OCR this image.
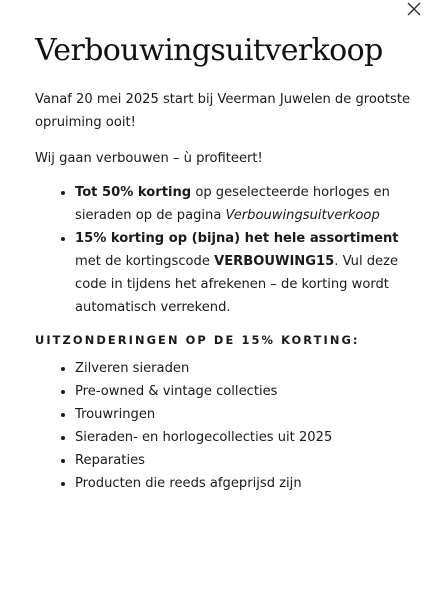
Verbouwingsuitverkoop

Vanaf 20 mei 2025 start bij Veerman Juwelen de grootste opruiming ooit!

Wij gaan verbouwen – ù profiteert!

• Tot 50% korting op geselecteerde horloges en sieraden op de pagina Verbouwingsuitverkoop
• 15% korting op (bijna) het hele assortiment met de kortingscode VERBOUWING15. Vul deze code in tijdens het afrekenen – de korting wordt automatisch verrekend.

UITZONDERINGEN OP DE 15% KORTING:

• Zilveren sieraden
• Pre-owned & vintage collecties
• Trouwringen
• Sieraden- en horlogecollecties uit 2025
• Reparaties
• Producten die reeds afgeprijsd zijn
